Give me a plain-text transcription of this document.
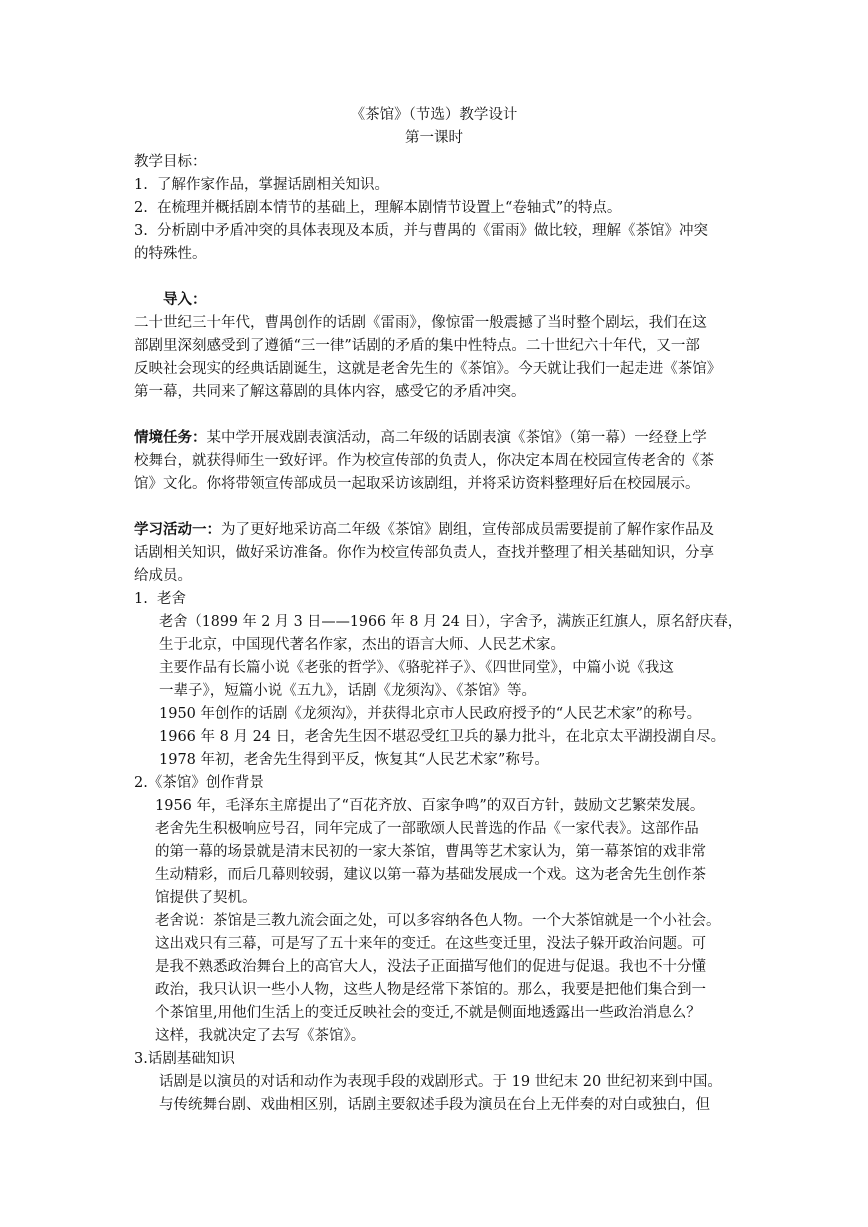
《茶馆》（节选）教学设计
第一课时
教学目标：
1. 了解作家作品，掌握话剧相关知识。
2. 在梳理并概括剧本情节的基础上，理解本剧情节设置上“卷轴式”的特点。
3. 分析剧中矛盾冲突的具体表现及本质，并与曹禺的《雷雨》做比较，理解《茶馆》冲突
的特殊性。
导入：
二十世纪三十年代，曹禺创作的话剧《雷雨》，像惊雷一般震撼了当时整个剧坛，我们在这
部剧里深刻感受到了遵循“三一律”话剧的矛盾的集中性特点。二十世纪六十年代，又一部
反映社会现实的经典话剧诞生，这就是老舍先生的《茶馆》。今天就让我们一起走进《茶馆》
第一幕，共同来了解这幕剧的具体内容，感受它的矛盾冲突。
情境任务：某中学开展戏剧表演活动，高二年级的话剧表演《茶馆》（第一幕）一经登上学
校舞台，就获得师生一致好评。作为校宣传部的负责人，你决定本周在校园宣传老舍的《茶
馆》文化。你将带领宣传部成员一起取采访该剧组，并将采访资料整理好后在校园展示。
学习活动一：为了更好地采访高二年级《茶馆》剧组，宣传部成员需要提前了解作家作品及
话剧相关知识，做好采访准备。你作为校宣传部负责人，查找并整理了相关基础知识，分享
给成员。
1. 老舍
老舍（1899 年 2 月 3 日——1966 年 8 月 24 日），字舍予，满族正红旗人，原名舒庆春，
生于北京，中国现代著名作家，杰出的语言大师、人民艺术家。
主要作品有长篇小说《老张的哲学》、《骆驼祥子》、《四世同堂》，中篇小说《我这
一辈子》，短篇小说《五九》，话剧《龙须沟》、《茶馆》等。
1950 年创作的话剧《龙须沟》，并获得北京市人民政府授予的“人民艺术家”的称号。
1966 年 8 月 24 日，老舍先生因不堪忍受红卫兵的暴力批斗，在北京太平湖投湖自尽。
1978 年初，老舍先生得到平反，恢复其“人民艺术家”称号。
2.《茶馆》创作背景
1956 年，毛泽东主席提出了“百花齐放、百家争鸣”的双百方针，鼓励文艺繁荣发展。
老舍先生积极响应号召，同年完成了一部歌颂人民普选的作品《一家代表》。这部作品
的第一幕的场景就是清末民初的一家大茶馆，曹禺等艺术家认为，第一幕茶馆的戏非常
生动精彩，而后几幕则较弱，建议以第一幕为基础发展成一个戏。这为老舍先生创作茶
馆提供了契机。
老舍说：茶馆是三教九流会面之处，可以多容纳各色人物。一个大茶馆就是一个小社会。
这出戏只有三幕，可是写了五十来年的变迁。在这些变迁里，没法子躲开政治问题。可
是我不熟悉政治舞台上的高官大人，没法子正面描写他们的促进与促退。我也不十分懂
政治，我只认识一些小人物，这些人物是经常下茶馆的。那么，我要是把他们集合到一
个茶馆里,用他们生活上的变迁反映社会的变迁,不就是侧面地透露出一些政治消息么？
这样，我就决定了去写《茶馆》。
3.话剧基础知识
话剧是以演员的对话和动作为表现手段的戏剧形式。于 19 世纪末 20 世纪初来到中国。
与传统舞台剧、戏曲相区别，话剧主要叙述手段为演员在台上无伴奏的对白或独白，但
